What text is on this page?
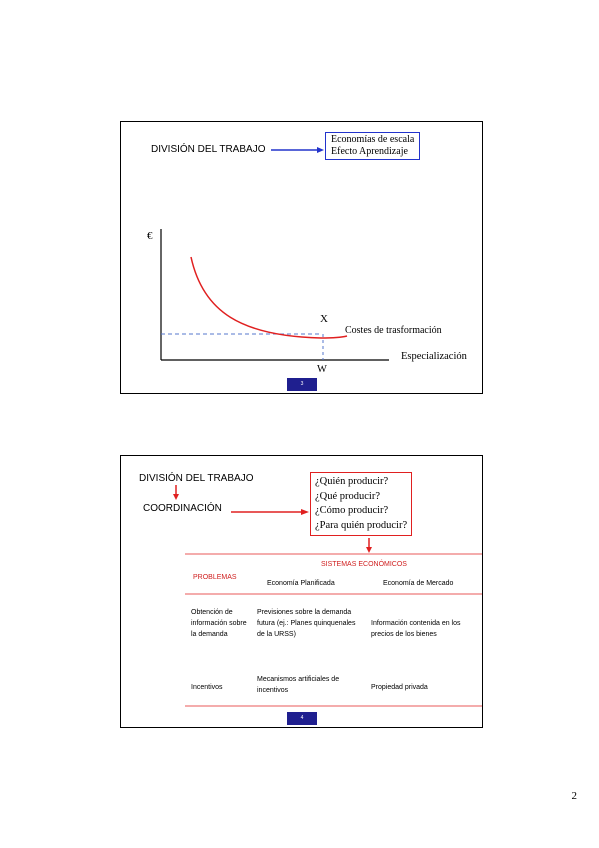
DIVISIÓN DEL TRABAJO
Economías de escala
Efecto Aprendizaje
€
X
Costes de trasformación
Especialización
W
3
DIVISIÓN DEL TRABAJO
COORDINACIÓN
¿Quién producir?
¿Qué producir?
¿Cómo producir?
¿Para quién producir?
SISTEMAS ECONÓMICOS
PROBLEMAS
Economía Planificada	Economía de Mercado
Obtención de información sobre la demanda
Previsiones sobre la demanda futura (ej.: Planes quinquenales de la URSS)
Información contenida en los precios de los bienes
Incentivos
Mecanismos artificiales de incentivos	Propiedad privada
4
2
